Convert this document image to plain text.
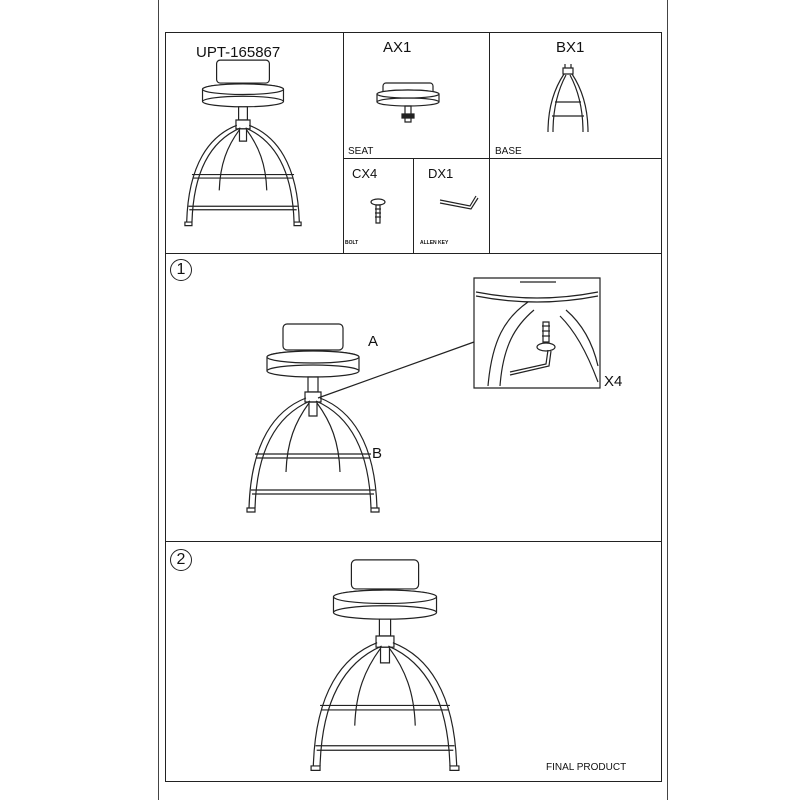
UPT-165867	AX1
SEAT
BX1
BASE
CX4
BOLT
DX1
ALLEN KEY
1
A
B
X4
2
FINAL PRODUCT
